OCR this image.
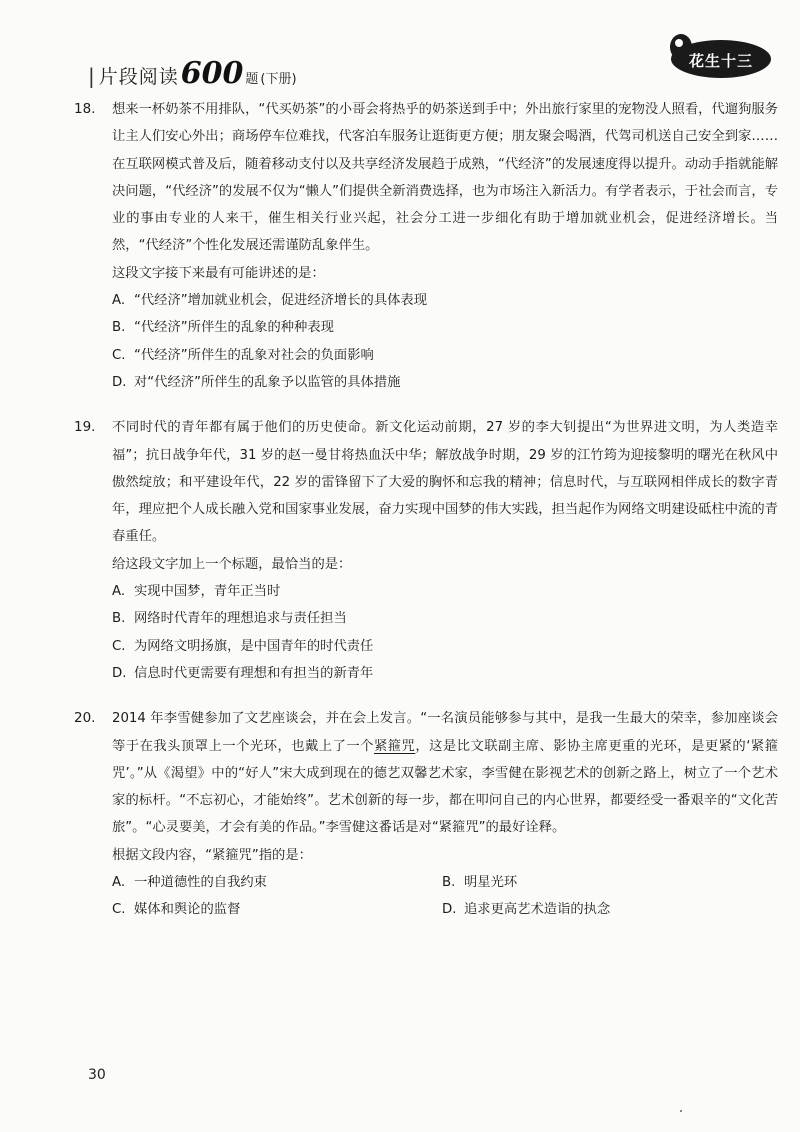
| 片段阅读 600 题 (下册)
花生十三
18. 想来一杯奶茶不用排队，“代买奶茶”的小哥会将热乎的奶茶送到手中；外出旅行家里的宠物没人照看，代遛狗服务让主人们安心外出；商场停车位难找，代客泊车服务让逛街更方便；朋友聚会喝酒，代驾司机送自己安全到家……在互联网模式普及后，随着移动支付以及共享经济发展趋于成熟，“代经济”的发展速度得以提升。动动手指就能解决问题，“代经济”的发展不仅为“懒人”们提供全新消费选择，也为市场注入新活力。有学者表示，于社会而言，专业的事由专业的人来干，催生相关行业兴起，社会分工进一步细化有助于增加就业机会，促进经济增长。当然，“代经济”个性化发展还需谨防乱象伴生。

这段文字接下来最有可能讲述的是：

A. “代经济”增加就业机会，促进经济增长的具体表现
B. “代经济”所伴生的乱象的种种表现
C. “代经济”所伴生的乱象对社会的负面影响
D. 对“代经济”所伴生的乱象予以监管的具体措施
19. 不同时代的青年都有属于他们的历史使命。新文化运动前期，27 岁的李大钊提出“为世界进文明，为人类造幸福”；抗日战争年代，31 岁的赵一曼甘将热血沃中华；解放战争时期，29 岁的江竹筠为迎接黎明的曙光在秋风中傲然绽放；和平建设年代，22 岁的雷锋留下了大爱的胸怀和忘我的精神；信息时代，与互联网相伴成长的数字青年，理应把个人成长融入党和国家事业发展，奋力实现中国梦的伟大实践，担当起作为网络文明建设砥柱中流的青春重任。

给这段文字加上一个标题，最恰当的是：

A. 实现中国梦，青年正当时
B. 网络时代青年的理想追求与责任担当
C. 为网络文明扬旗，是中国青年的时代责任
D. 信息时代更需要有理想和有担当的新青年
20. 2014 年李雪健参加了文艺座谈会，并在会上发言。“一名演员能够参与其中，是我一生最大的荣幸，参加座谈会等于在我头顶罩上一个光环，也戴上了一个紧箍咒，这是比文联副主席、影协主席更重的光环，是更紧的‘紧箍咒’。”从《渴望》中的“好人”宋大成到现在的德艺双馨艺术家，李雪健在影视艺术的创新之路上，树立了一个艺术家的标杆。“不忘初心，才能始终”。艺术创新的每一步，都在叩问自己的内心世界，都要经受一番艰辛的“文化苦旅”。“心灵要美，才会有美的作品。”李雪健这番话是对“紧箍咒”的最好诠释。

根据文段内容，“紧箍咒”指的是：

A. 一种道德性的自我约束	B. 明星光环
C. 媒体和舆论的监督	D. 追求更高艺术造诣的执念
30
